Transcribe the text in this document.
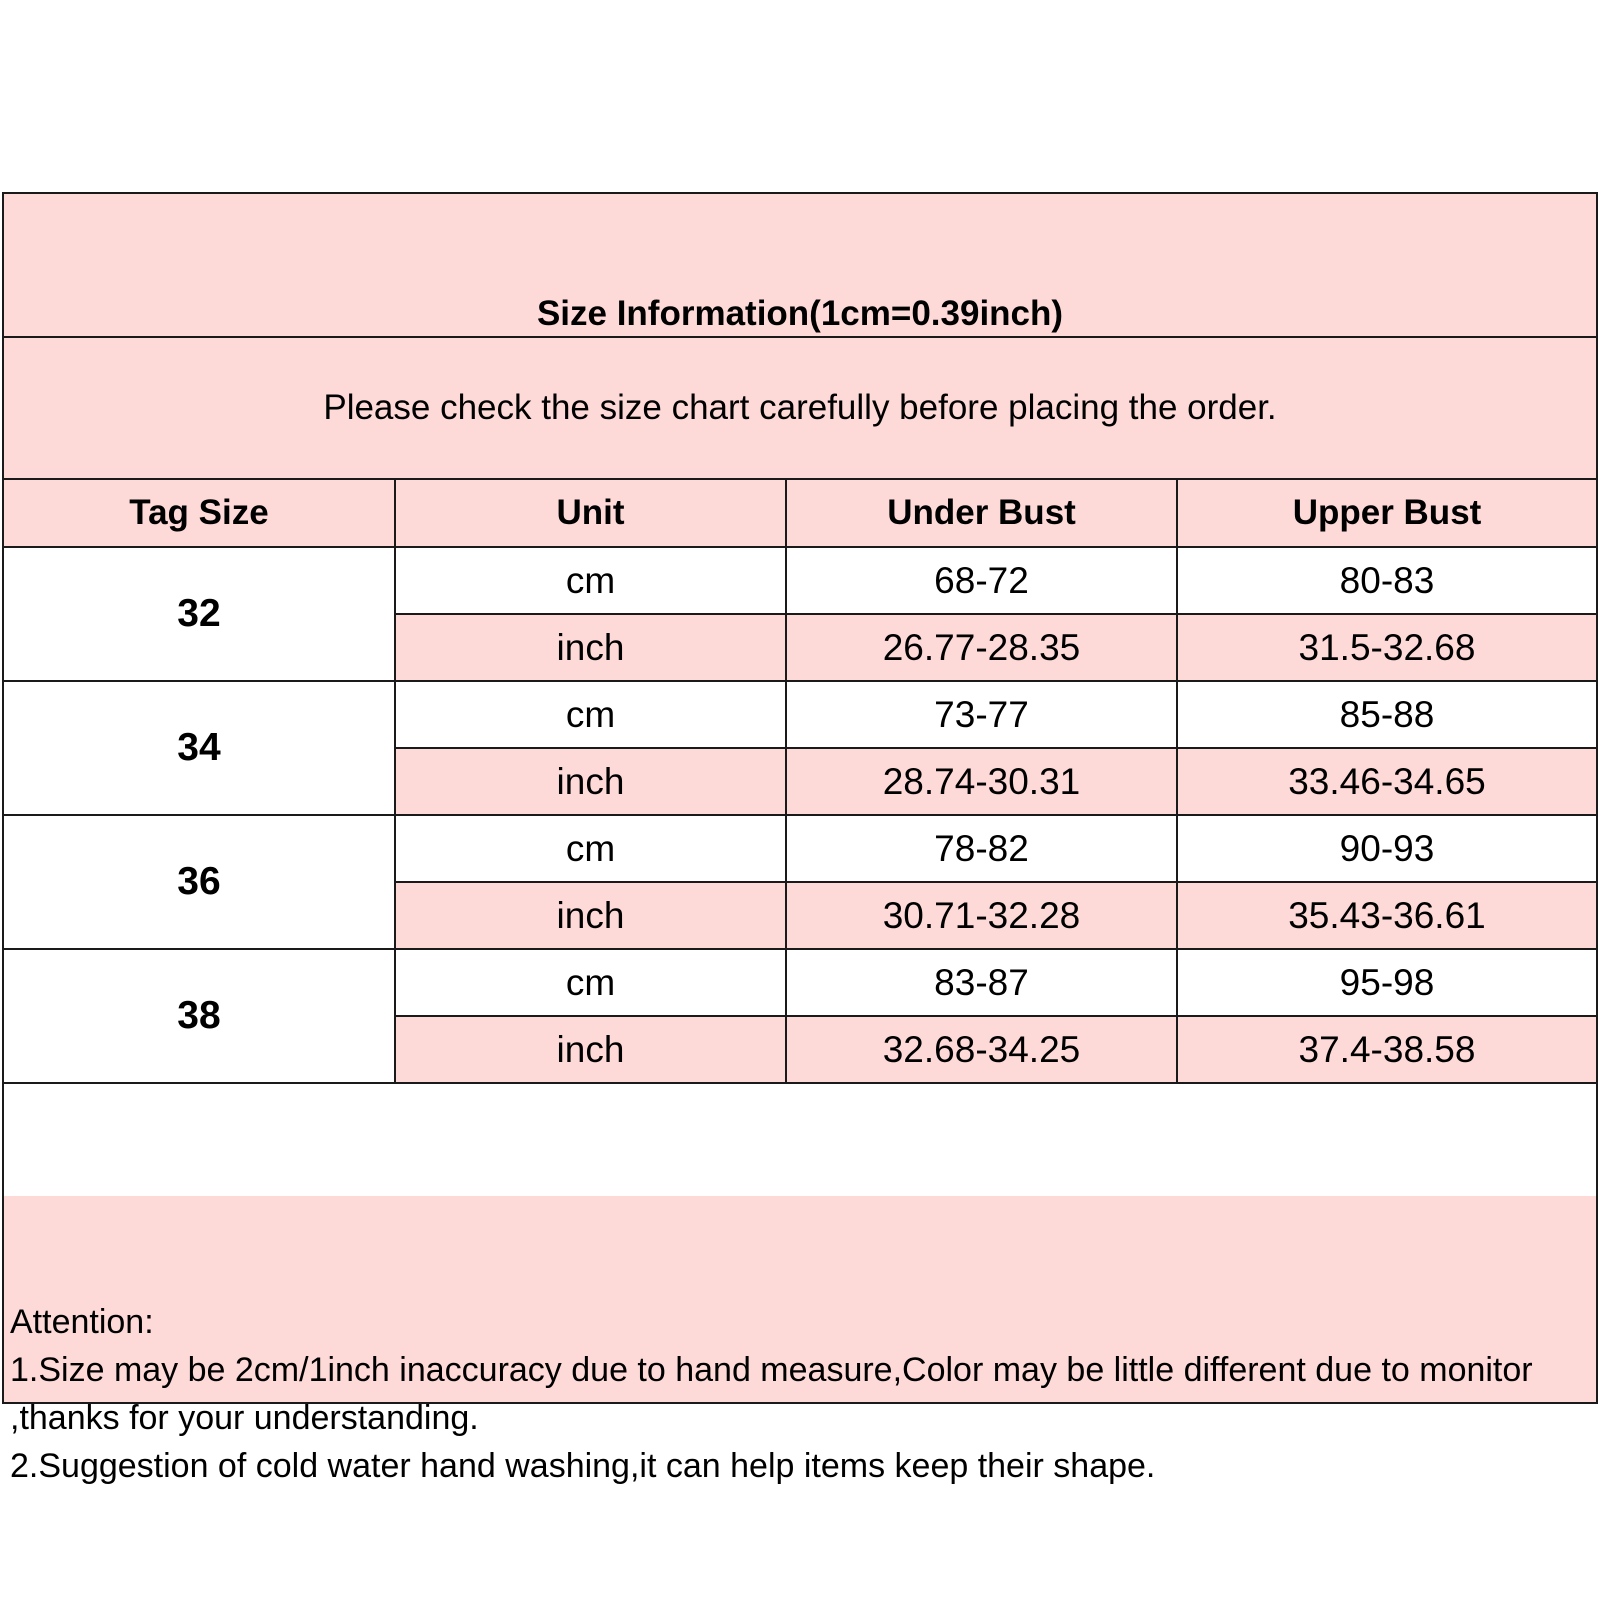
Size Information(1cm=0.39inch)
Please check the size chart carefully before placing the order.
Tag Size	Unit	Under Bust	Upper Bust
32	cm	68-72	80-83
	inch	26.77-28.35	31.5-32.68
34	cm	73-77	85-88
	inch	28.74-30.31	33.46-34.65
36	cm	78-82	90-93
	inch	30.71-32.28	35.43-36.61
38	cm	83-87	95-98
	inch	32.68-34.25	37.4-38.58
Attention:
1.Size may be 2cm/1inch inaccuracy due to hand measure,Color may be little different due to monitor ,thanks for your understanding.
2.Suggestion of cold water hand washing,it can help items keep their shape.
